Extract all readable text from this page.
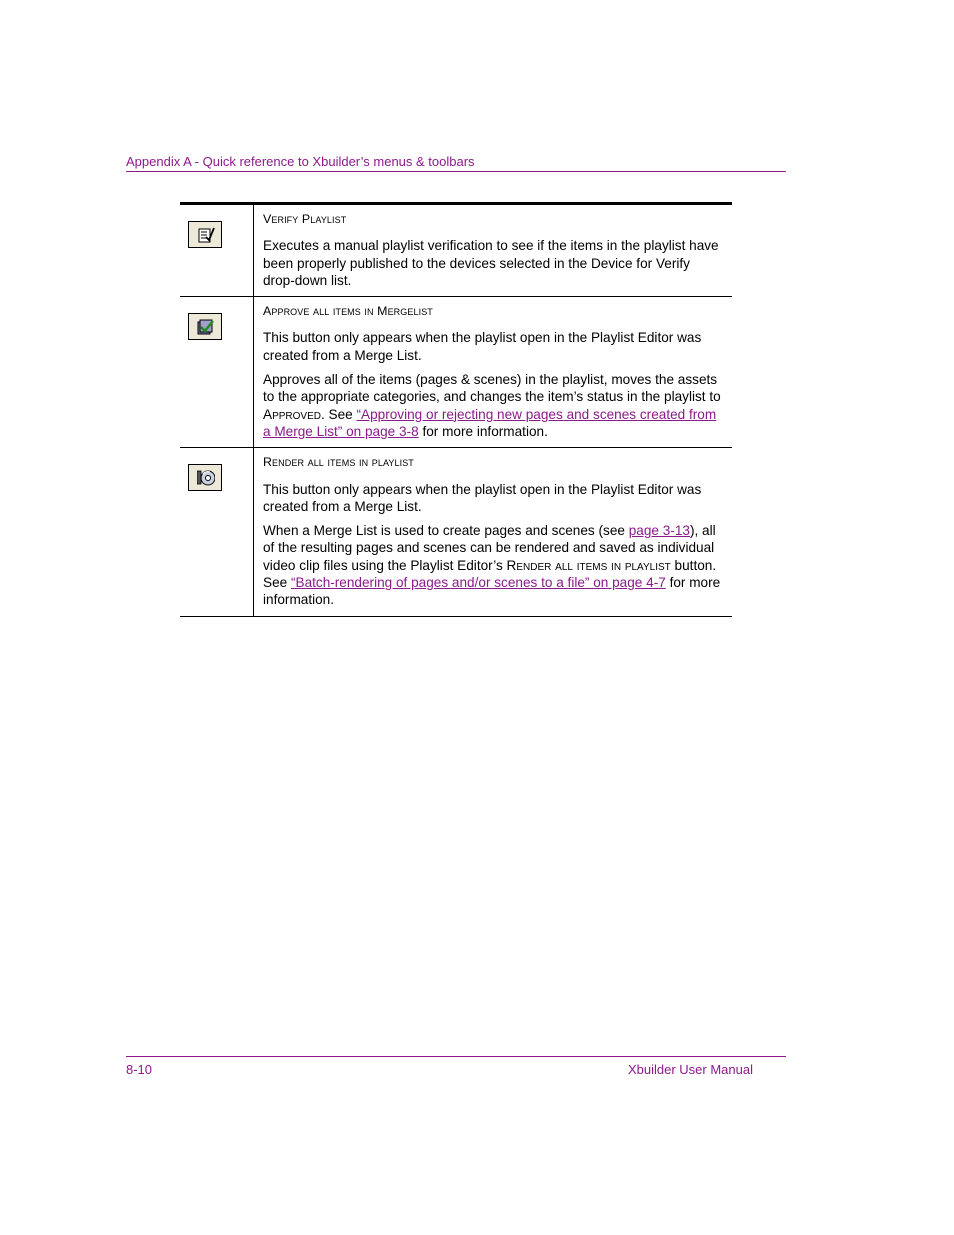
Appendix A - Quick reference to Xbuilder’s menus & toolbars

Verify Playlist

Executes a manual playlist verification to see if the items in the playlist have been properly published to the devices selected in the Device for Verify drop-down list.

Approve all items in Mergelist

This button only appears when the playlist open in the Playlist Editor was created from a Merge List.

Approves all of the items (pages & scenes) in the playlist, moves the assets to the appropriate categories, and changes the item’s status in the playlist to Approved. See “Approving or rejecting new pages and scenes created from a Merge List” on page 3-8 for more information.

Render all items in playlist

This button only appears when the playlist open in the Playlist Editor was created from a Merge List.

When a Merge List is used to create pages and scenes (see page 3-13), all of the resulting pages and scenes can be rendered and saved as individual video clip files using the Playlist Editor’s Render all items in playlist button. See “Batch-rendering of pages and/or scenes to a file” on page 4-7 for more information.

8-10	Xbuilder User Manual
